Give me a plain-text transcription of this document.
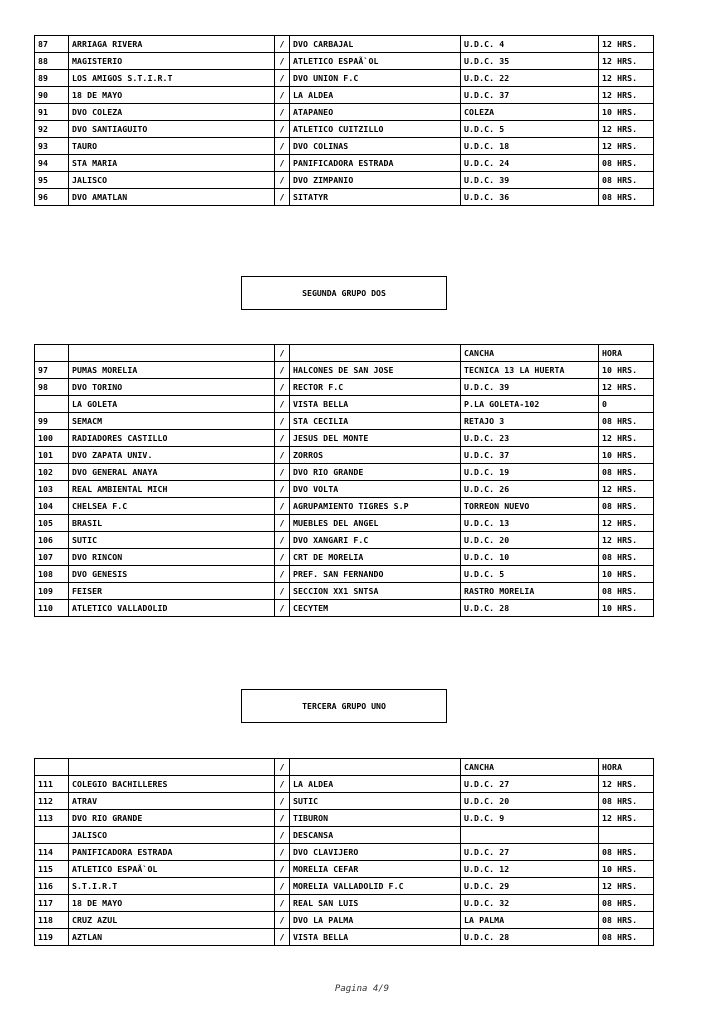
87	ARRIAGA RIVERA	/	DVO CARBAJAL	U.D.C. 4	12 HRS.
88	MAGISTERIO	/	ATLETICO ESPAÃ`OL	U.D.C. 35	12 HRS.
89	LOS AMIGOS S.T.I.R.T	/	DVO UNION F.C	U.D.C. 22	12 HRS.
90	18 DE MAYO	/	LA ALDEA	U.D.C. 37	12 HRS.
91	DVO COLEZA	/	ATAPANEO	COLEZA	10 HRS.
92	DVO SANTIAGUITO	/	ATLETICO CUITZILLO	U.D.C. 5	12 HRS.
93	TAURO	/	DVO COLINAS	U.D.C. 18	12 HRS.
94	STA MARIA	/	PANIFICADORA ESTRADA	U.D.C. 24	08 HRS.
95	JALISCO	/	DVO ZIMPANIO	U.D.C. 39	08 HRS.
96	DVO AMATLAN	/	SITATYR	U.D.C. 36	08 HRS.
SEGUNDA GRUPO DOS
		/		CANCHA	HORA
97	PUMAS MORELIA	/	HALCONES DE SAN JOSE	TECNICA 13 LA HUERTA	10 HRS.
98	DVO TORINO	/	RECTOR F.C	U.D.C. 39	12 HRS.
	LA GOLETA	/	VISTA BELLA	P.LA GOLETA-102	0
99	SEMACM	/	STA CECILIA	RETAJO 3	08 HRS.
100	RADIADORES CASTILLO	/	JESUS DEL MONTE	U.D.C. 23	12 HRS.
101	DVO ZAPATA UNIV.	/	ZORROS	U.D.C. 37	10 HRS.
102	DVO GENERAL ANAYA	/	DVO RIO GRANDE	U.D.C. 19	08 HRS.
103	REAL AMBIENTAL MICH	/	DVO VOLTA	U.D.C. 26	12 HRS.
104	CHELSEA F.C	/	AGRUPAMIENTO TIGRES S.P	TORREON NUEVO	08 HRS.
105	BRASIL	/	MUEBLES DEL ANGEL	U.D.C. 13	12 HRS.
106	SUTIC	/	DVO XANGARI F.C	U.D.C. 20	12 HRS.
107	DVO RINCON	/	CRT DE MORELIA	U.D.C. 10	08 HRS.
108	DVO GENESIS	/	PREF. SAN FERNANDO	U.D.C. 5	10 HRS.
109	FEISER	/	SECCION XX1 SNTSA	RASTRO MORELIA	08 HRS.
110	ATLETICO VALLADOLID	/	CECYTEM	U.D.C. 28	10 HRS.
TERCERA GRUPO UNO
		/		CANCHA	HORA
111	COLEGIO BACHILLERES	/	LA ALDEA	U.D.C. 27	12 HRS.
112	ATRAV	/	SUTIC	U.D.C. 20	08 HRS.
113	DVO RIO GRANDE	/	TIBURON	U.D.C. 9	12 HRS.
	JALISCO	/	DESCANSA		
114	PANIFICADORA ESTRADA	/	DVO CLAVIJERO	U.D.C. 27	08 HRS.
115	ATLETICO ESPAÃ`OL	/	MORELIA CEFAR	U.D.C. 12	10 HRS.
116	S.T.I.R.T	/	MORELIA VALLADOLID F.C	U.D.C. 29	12 HRS.
117	18 DE MAYO	/	REAL SAN LUIS	U.D.C. 32	08 HRS.
118	CRUZ AZUL	/	DVO LA PALMA	LA PALMA	08 HRS.
119	AZTLAN	/	VISTA BELLA	U.D.C. 28	08 HRS.
Pagina 4/9
